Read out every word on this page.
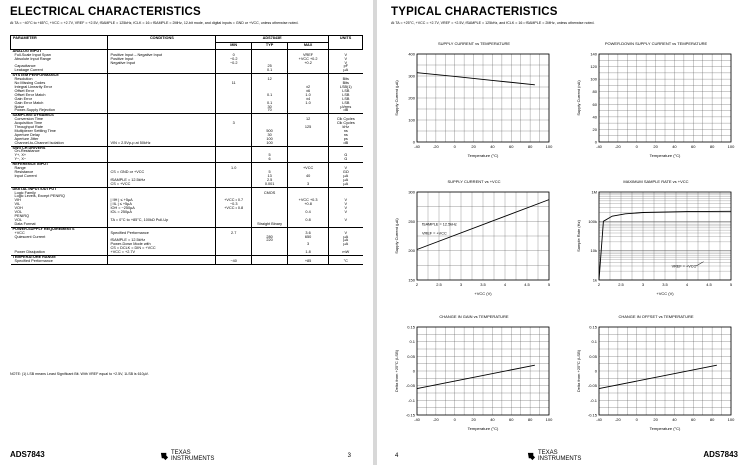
ELECTRICAL CHARACTERISTICS
At TA = −40°C to +85°C, +VCC = +2.7V, VREF = +2.5V, fSAMPLE = 125kHz, fCLK = 16 • fSAMPLE = 2MHz, 12-bit mode, and digital inputs = GND or +VCC, unless otherwise noted.
PARAMETER	CONDITIONS	ADS7843E			UNITS
		MIN	TYP	MAX	
ANALOG INPUT					
Full-Scale Input Span	Positive Input – Negative Input	0		VREF	V
Absolute Input Range	Positive Input	−0.2		+VCC +0.2	V
	Negative Input	−0.2		+0.2	V
Capacitance			25		pF
Leakage Current			0.1		µA
SYSTEM PERFORMANCE					
Resolution			12		Bits
No Missing Codes		11			Bits
Integral Linearity Error				±2	LSB(1)
Offset Error				±6	LSB
Offset Error Match			0.1	1.0	LSB
Gain Error				±4	LSB
Gain Error Match			0.1	1.0	LSB
Noise			30		µVrms
Power-Supply Rejection			70		dB
SAMPLING DYNAMICS					
Conversion Time				12	Clk Cycles
Acquisition Time		3			Clk Cycles
Throughput Rate				125	kHz
Multiplexer Settling Time			500		ns
Aperture Delay			30		ns
Aperture Jitter			100		ps
Channel-to-Channel Isolation	VIN = 2.5Vp-p at 50kHz		100		dB
SWITCH DRIVERS					
On-Resistance					
Y+, X+			5		Ω
Y−, X−			6		Ω
REFERENCE INPUT					
Range		1.0		+VCC	V
Resistance	CS = GND or +VCC		5		GΩ
Input Current			13	40	µA
	fSAMPLE = 12.5kHz		2.5		µA
	CS = +VCC		0.001	3	µA
DIGITAL INPUT/OUTPUT					
Logic Family			CMOS		
Logic Levels, Except PENIRQ					
VIH	| IIH | ≤ +5µA	+VCC • 0.7		+VCC +0.3	V
VIL	| IIL | ≤ +5µA	−0.3		+0.8	V
VOH	IOH = −250µA	+VCC • 0.8			V
VOL	IOL = 250µA			0.4	V
PENIRQ					
VOL	TA = 0°C to +85°C, 100kΩ Pull-Up			0.8	V
Data Format			Straight Binary		
POWER-SUPPLY REQUIREMENTS					
+VCC	Specified Performance	2.7		3.6	V
Quiescent Current			280	650	µA
	fSAMPLE = 12.5kHz		220		µA
	Power-Down Mode with			3	µA
	CS = DCLK = DIN = +VCC				
Power Dissipation	+VCC = +2.7V			1.8	mW
TEMPERATURE RANGE					
Specified Performance		−40		+85	°C
NOTE: (1) LSB means Least Significant Bit. With VREF equal to +2.5V, 1LSB is 610µV.
ADS7843	TEXAS
INSTRUMENTS	3
TYPICAL CHARACTERISTICS
At TA = +25°C, +VCC = +2.7V, VREF = +2.5V, fSAMPLE = 125kHz, and fCLK = 16 • fSAMPLE = 2MHz, unless otherwise noted.
SUPPLY CURRENT vs TEMPERATURE
-40	-20	0	20	40	60	80	100
0
100
200
300
400
Temperature (°C)
Supply Current (µA)
POWER-DOWN SUPPLY CURRENT vs TEMPERATURE
-40	-20	0	20	40	60	80	100
0
20
40
60
80
100
120
140
Temperature (°C)
Supply Current (nA)
SUPPLY CURRENT vs +VCC
2	2.5	3	3.5	4	4.5	5
150
200
250
300
+VCC (V)
Supply Current (µA)	fSAMPLE = 12.5kHz
VREF = +VCC
MAXIMUM SAMPLE RATE vs +VCC
2	2.5	3	3.5	4	4.5	5
1k
10k
100k
1M
+VCC (V)
Sample Rate (Hz)
VREF = +VCC
CHANGE IN GAIN vs TEMPERATURE
-40	-20	0	20	40	60	80	100
-0.15
-0.1
-0.05
0
0.05
0.1
0.15
Temperature (°C)
Delta from +25°C (LSB)
CHANGE IN OFFSET vs TEMPERATURE
-40	-20	0	20	40	60	80	100
-0.15
-0.1
-0.05
0
0.05
0.1
0.15
Temperature (°C)
Delta from +25°C (LSB)
4	TEXAS
INSTRUMENTS	ADS7843
